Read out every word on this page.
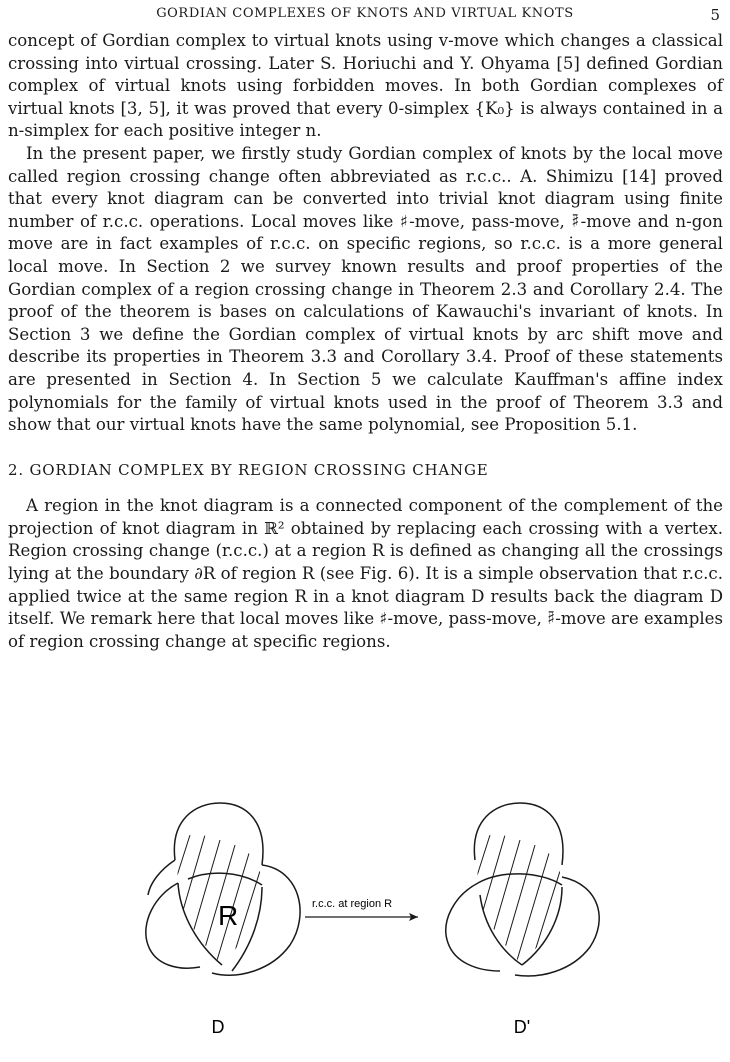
GORDIAN COMPLEXES OF KNOTS AND VIRTUAL KNOTS	5

concept of Gordian complex to virtual knots using v-move which changes a classical crossing into virtual crossing. Later S. Horiuchi and Y. Ohyama [5] defined Gordian complex of virtual knots using forbidden moves. In both Gordian complexes of virtual knots [3, 5], it was proved that every 0-simplex {K₀} is always contained in a n-simplex for each positive integer n.

In the present paper, we firstly study Gordian complex of knots by the local move called region crossing change often abbreviated as r.c.c.. A. Shimizu [14] proved that every knot diagram can be converted into trivial knot diagram using finite number of r.c.c. operations. Local moves like ♯-move, pass-move, ♯̄-move and n-gon move are in fact examples of r.c.c. on specific regions, so r.c.c. is a more general local move. In Section 2 we survey known results and proof properties of the Gordian complex of a region crossing change in Theorem 2.3 and Corollary 2.4. The proof of the theorem is bases on calculations of Kawauchi's invariant of knots. In Section 3 we define the Gordian complex of virtual knots by arc shift move and describe its properties in Theorem 3.3 and Corollary 3.4. Proof of these statements are presented in Section 4. In Section 5 we calculate Kauffman's affine index polynomials for the family of virtual knots used in the proof of Theorem 3.3 and show that our virtual knots have the same polynomial, see Proposition 5.1.

2. GORDIAN COMPLEX BY REGION CROSSING CHANGE

A region in the knot diagram is a connected component of the complement of the projection of knot diagram in ℝ² obtained by replacing each crossing with a vertex. Region crossing change (r.c.c.) at a region R is defined as changing all the crossings lying at the boundary ∂R of region R (see Fig. 6). It is a simple observation that r.c.c. applied twice at the same region R in a knot diagram D results back the diagram D itself. We remark here that local moves like ♯-move, pass-move, ♯̄-move are examples of region crossing change at specific regions.

R	r.c.c. at region R
D	D'
